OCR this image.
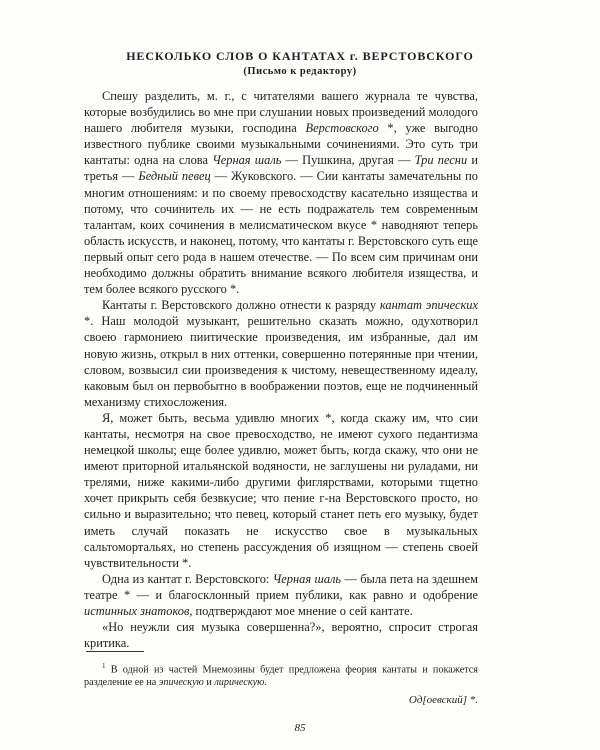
НЕСКОЛЬКО СЛОВ О КАНТАТАХ г. ВЕРСТОВСКОГО
(Письмо к редактору)

Спешу разделить, м. г., с читателями вашего журнала те чувства, которые возбудились во мне при слушании новых произведений молодого нашего любителя музыки, господина Верстовского *, уже выгодно известного публике своими музыкальными сочинениями. Это суть три кантаты: одна на слова Черная шаль — Пушкина, другая — Три песни и третья — Бедный певец — Жуковского. — Сии кантаты замечательны по многим отношениям: и по своему превосходству касательно изящества и потому, что сочинитель их — не есть подражатель тем современным талантам, коих сочинения в мелисматическом вкусе * наводняют теперь область искусств, и наконец, потому, что кантаты г. Верстовского суть еще первый опыт сего рода в нашем отечестве. — По всем сим причинам они необходимо должны обратить внимание всякого любителя изящества, и тем более всякого русского *.

Кантаты г. Верстовского должно отнести к разряду кантат эпических *. Наш молодой музыкант, решительно сказать можно, одухотворил своею гармониею пиитические произведения, им избранные, дал им новую жизнь, открыл в них оттенки, совершенно потерянные при чтении, словом, возвысил сии произведения к чистому, невещественному идеалу, каковым был он первобытно в воображении поэтов, еще не подчиненный механизму стихосложения.

Я, может быть, весьма удивлю многих *, когда скажу им, что сии кантаты, несмотря на свое превосходство, не имеют сухого педантизма немецкой школы; еще более удивлю, может быть, когда скажу, что они не имеют приторной итальянской водяности, не заглушены ни руладами, ни трелями, ниже какими-либо другими фиглярствами, которыми тщетно хочет прикрыть себя безвкусие; что пение г-на Верстовского просто, но сильно и выразительно; что певец, который станет петь его музыку, будет иметь случай показать не искусство свое в музыкальных сальтомортальях, но степень рассуждения об изящном — степень своей чувствительности *.

Одна из кантат г. Верстовского: Черная шаль — была пета на здешнем театре * — и благосклонный прием публики, как равно и одобрение истинных знатоков, подтверждают мое мнение о сей кантате.

«Но неужли сия музыка совершенна?», вероятно, спросит строгая критика.

$^1$ В одной из частей Мнемозины будет предложена феория кантаты и покажется разделение ее на эпическую и лирическую.
Од[оевский] *.
85
